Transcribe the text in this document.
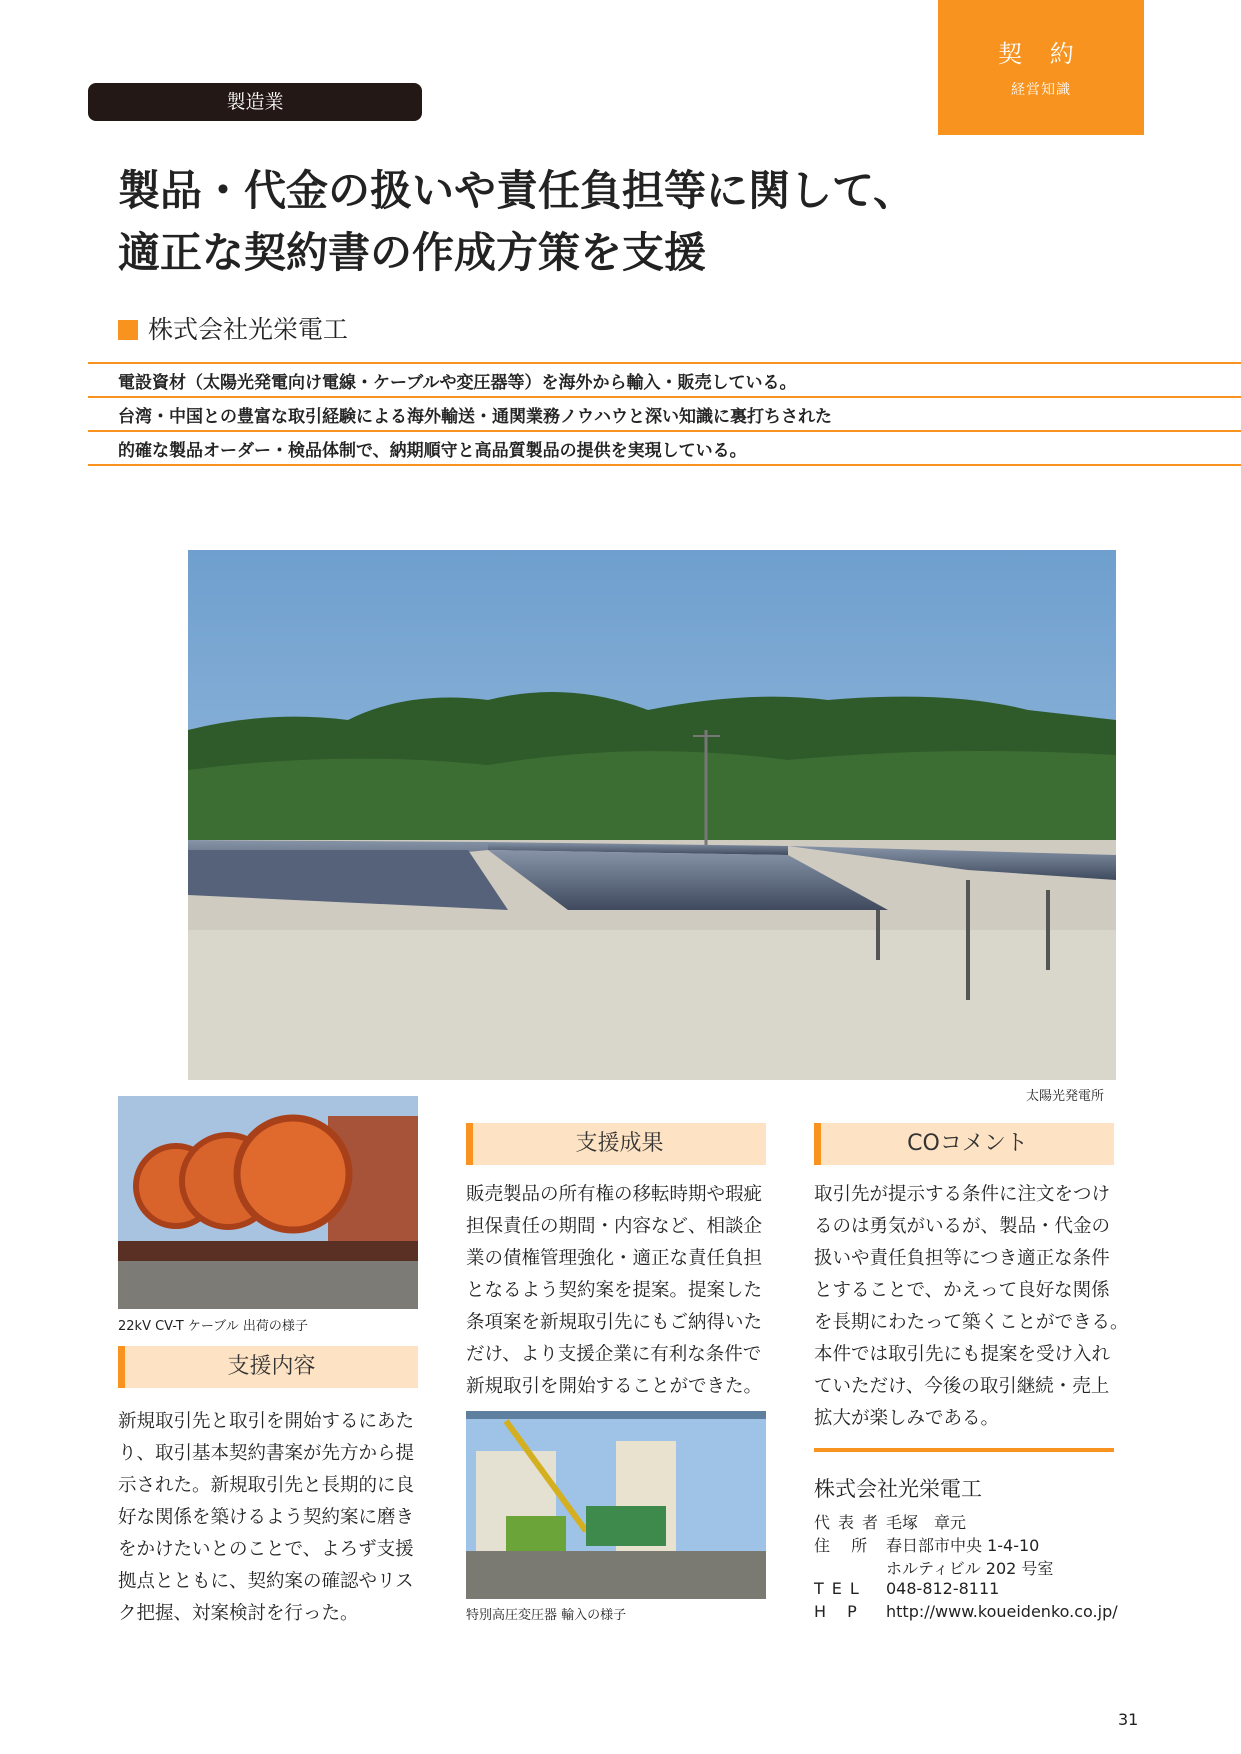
契 約
経営知識
製造業
製品・代金の扱いや責任負担等に関して、
適正な契約書の作成方策を支援
株式会社光栄電工
電設資材（太陽光発電向け電線・ケーブルや変圧器等）を海外から輸入・販売している。
台湾・中国との豊富な取引経験による海外輸送・通関業務ノウハウと深い知識に裏打ちされた
的確な製品オーダー・検品体制で、納期順守と高品質製品の提供を実現している。
太陽光発電所
22kV CV-T ケーブル 出荷の様子
支援内容
新規取引先と取引を開始するにあた
り、取引基本契約書案が先方から提
示された。新規取引先と長期的に良
好な関係を築けるよう契約案に磨き
をかけたいとのことで、よろず支援
拠点とともに、契約案の確認やリス
ク把握、対案検討を行った。
支援成果
販売製品の所有権の移転時期や瑕疵
担保責任の期間・内容など、相談企
業の債権管理強化・適正な責任負担
となるよう契約案を提案。提案した
条項案を新規取引先にもご納得いた
だけ、より支援企業に有利な条件で
新規取引を開始することができた。
特別高圧変圧器 輸入の様子
COコメント
取引先が提示する条件に注文をつけ
るのは勇気がいるが、製品・代金の
扱いや責任負担等につき適正な条件
とすることで、かえって良好な関係
を長期にわたって築くことができる。
本件では取引先にも提案を受け入れ
ていただけ、今後の取引継続・売上
拡大が楽しみである。
株式会社光栄電工
代表者毛塚　章元
住 所 春日部市中央 1-4-10
ホルティビル 202 号室
TEL 048-812-8111
H P http://www.koueidenko.co.jp/
31
